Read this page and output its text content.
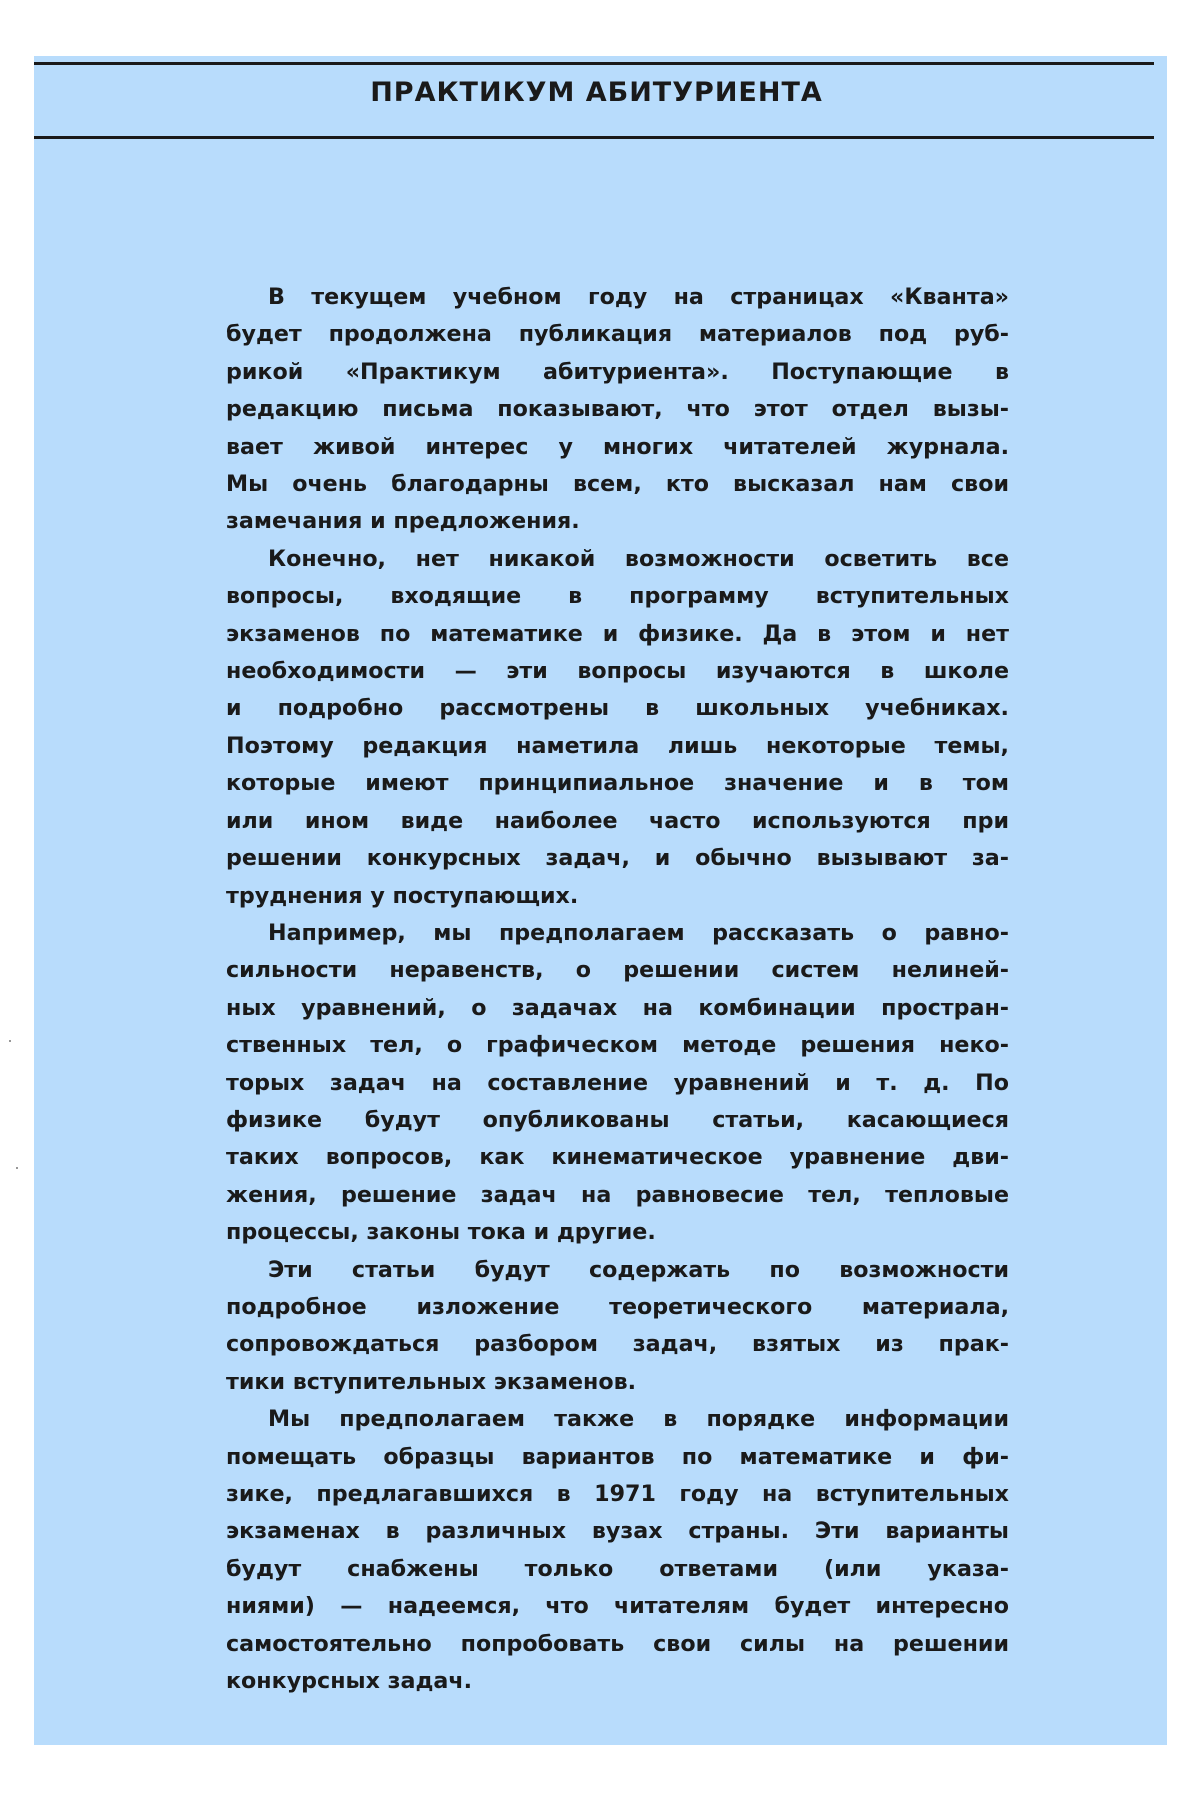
ПРАКТИКУМ АБИТУРИЕНТА

В текущем учебном году на страницах «Кванта»
будет продолжена публикация материалов под руб-
рикой «Практикум абитуриента». Поступающие в
редакцию письма показывают, что этот отдел вызы-
вает живой интерес у многих читателей журнала.
Мы очень благодарны всем, кто высказал нам свои
замечания и предложения.

Конечно, нет никакой возможности осветить все
вопросы, входящие в программу вступительных
экзаменов по математике и физике. Да в этом и нет
необходимости — эти вопросы изучаются в школе
и подробно рассмотрены в школьных учебниках.
Поэтому редакция наметила лишь некоторые темы,
которые имеют принципиальное значение и в том
или ином виде наиболее часто используются при
решении конкурсных задач, и обычно вызывают за-
труднения у поступающих.

Например, мы предполагаем рассказать о равно-
сильности неравенств, о решении систем нелиней-
ных уравнений, о задачах на комбинации простран-
ственных тел, о графическом методе решения неко-
торых задач на составление уравнений и т. д. По
физике будут опубликованы статьи, касающиеся
таких вопросов, как кинематическое уравнение дви-
жения, решение задач на равновесие тел, тепловые
процессы, законы тока и другие.

Эти статьи будут содержать по возможности
подробное изложение теоретического материала,
сопровождаться разбором задач, взятых из прак-
тики вступительных экзаменов.

Мы предполагаем также в порядке информации
помещать образцы вариантов по математике и фи-
зике, предлагавшихся в 1971 году на вступительных
экзаменах в различных вузах страны. Эти варианты
будут снабжены только ответами (или указа-
ниями) — надеемся, что читателям будет интересно
самостоятельно попробовать свои силы на решении
конкурсных задач.
